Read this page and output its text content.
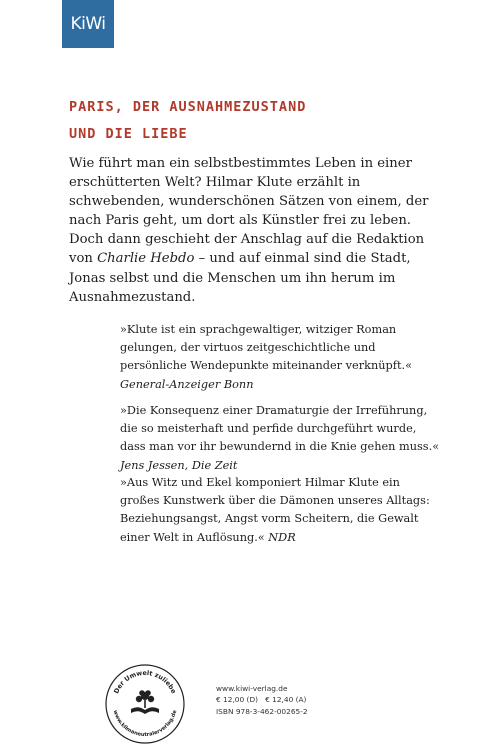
KiWi
PARIS, DER AUSNAHMEZUSTAND
UND DIE LIEBE

Wie führt man ein selbstbestimmtes Leben in einer erschütterten Welt? Hilmar Klute erzählt in schwebenden, wunderschönen Sätzen von einem, der nach Paris geht, um dort als Künstler frei zu leben. Doch dann geschieht der Anschlag auf die Redaktion von Charlie Hebdo – und auf einmal sind die Stadt, Jonas selbst und die Menschen um ihn herum im Ausnahmezustand.

»Klute ist ein sprachgewaltiger, witziger Roman gelungen, der virtuos zeitgeschichtliche und persönliche Wendepunkte miteinander verknüpft.«
General-Anzeiger Bonn

»Die Konsequenz einer Dramaturgie der Irreführung, die so meisterhaft und perfide durchgeführt wurde, dass man vor ihr bewundernd in die Knie gehen muss.« Jens Jessen, Die Zeit

»Aus Witz und Ekel komponiert Hilmar Klute ein großes Kunstwerk über die Dämonen unseres Alltags: Beziehungsangst, Angst vorm Scheitern, die Gewalt einer Welt in Auflösung.« NDR

Der Umwelt zuliebe
www.klimaneutralerverlag.de
www.kiwi-verlag.de
€ 12,00 (D)   € 12,40 (A)
ISBN 978-3-462-00265-2
